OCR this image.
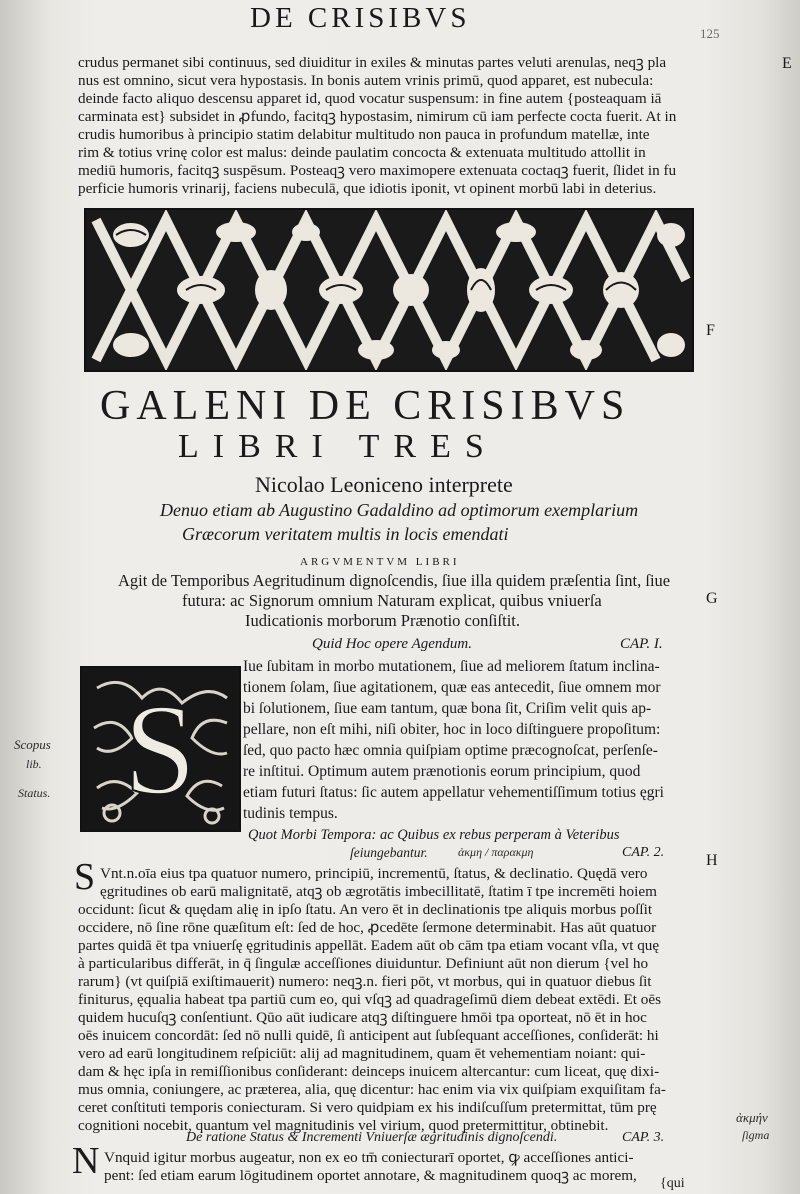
DE CRISIBVS	125
crudus permanet sibi continuus, sed diuiditur in exiles & minutas partes veluti arenulas, neqꝫ pla
nus est omnino, sicut vera hypostasis. In bonis autem vrinis primū, quod apparet, est nubecula:
deinde facto aliquo descensu apparet id, quod vocatur suspensum: in fine autem {posteaquam iā
carminata est} subsidet in ꝓfundo, facitqꝫ hypostasim, nimirum cū iam perfecte cocta fuerit. At in
crudis humoribus à principio statim delabitur multitudo non pauca in profundum matellæ, inte
rim & totius vrinę color est malus: deinde paulatim concocta & extenuata multitudo attollit in
mediū humoris, facitqꝫ suspēsum. Posteaqꝫ vero maximopere extenuata coctaqꝫ fuerit, ſlidet in fu
perficie humoris vrinarij, faciens nubeculā, que idiotis iponit, vt opinent morbū labi in deterius.
E
GALENI DE CRISIBVS
LIBRI TRES
Nicolao Leoniceno interprete
Denuo etiam ab Augustino Gadaldino ad optimorum exemplarium
Græcorum veritatem multis in locis emendati
ARGVMENTVM LIBRI
Agit de Temporibus Aegritudinum dignoſcendis, ſiue illa quidem præſentia ſint, ſiue
futura: ac Signorum omnium Naturam explicat, quibus vniuerſa
Iudicationis morborum Prænotio conſiſtit.
F
G
Quid Hoc opere Agendum.	CAP. I.
S
Iue ſubitam in morbo mutationem, ſiue ad meliorem ſtatum inclina-
tionem ſolam, ſiue agitationem, quæ eas antecedit, ſiue omnem mor
bi ſolutionem, ſiue eam tantum, quæ bona ſit, Criſim velit quis ap-
pellare, non eſt mihi, niſi obiter, hoc in loco diſtinguere propoſitum:
ſed, quo pacto hæc omnia quiſpiam optime præcognoſcat, perſenſe-
re inſtitui. Optimum autem prænotionis eorum principium, quod
etiam futuri ſtatus: ſic autem appellatur vehementiſſimum totius ęgri
tudinis tempus.
Quot Morbi Tempora: ac Quibus ex rebus perperam à Veteribus
ſeiungebantur.	ἀκμη / παρακμη	CAP. 2.
S	H
Vnt.n.oīa eius tpa quatuor numero, principiū, incrementū, ſtatus, & declinatio. Quędā vero
ęgritudines ob earū malignitatē, atqꝫ ob ægrotātis imbecillitatē, ſtatim ī tpe incremēti hoiem
occidunt: ſicut & quędam alię in ipſo ſtatu. An vero ēt in declinationis tpe aliquis morbus poſſit
occidere, nō ſine rōne quæſitum eſt: ſed de hoc, ꝓcedēte ſermone determinabit. Has aūt quatuor
partes quidā ēt tpa vniuerſę ęgritudinis appellāt. Eadem aūt ob cām tpa etiam vocant vſla, vt quę
à particularibus differāt, in q̄ ſingulæ acceſſiones diuiduntur. Definiunt aūt non dierum {vel ho
rarum} (vt quiſpiā exiſtimauerit) numero: neqꝫ.n. fieri pōt, vt morbus, qui in quatuor diebus ſit
finiturus, ęqualia habeat tpa partiū cum eo, qui vſqꝫ ad quadrageſimū diem debeat extēdi. Et oēs
quidem hucuſqꝫ conſentiunt. Qūo aūt iudicare atqꝫ diſtinguere hmōi tpa oporteat, nō ēt in hoc
oēs inuicem concordāt: ſed nō nulli quidē, ſi anticipent aut ſubſequant acceſſiones, conſiderāt: hi
vero ad earū longitudinem reſpiciūt: alij ad magnitudinem, quam ēt vehementiam noiant: qui-
dam & hęc ipſa in remiſſionibus conſiderant: deinceps inuicem altercantur: cum liceat, quę dixi-
mus omnia, coniungere, ac præterea, alia, quę dicentur: hac enim via vix quiſpiam exquiſitam fa-
ceret conſtituti temporis conieсturam. Si vero quidpiam ex his indiſcuſſum pretermittat, tūm prę
cognitioni nocebit, quantum vel magnitudinis vel virium, quod pretermittitur, obtinebit.
De ratione Status & Incrementi Vniuerſæ ægritudinis dignoſcendi.	CAP. 3.
N Vnquid igitur morbus augeatur, non ex eo tm̄ coniecturarī oportet, ꝙ acceſſiones antici-
pent: ſed etiam earum lōgitudinem oportet annotare, & magnitudinem quoqꝫ ac morem, {qui
Scopus
lib.
Status.
ἀκμήν
ſigma
